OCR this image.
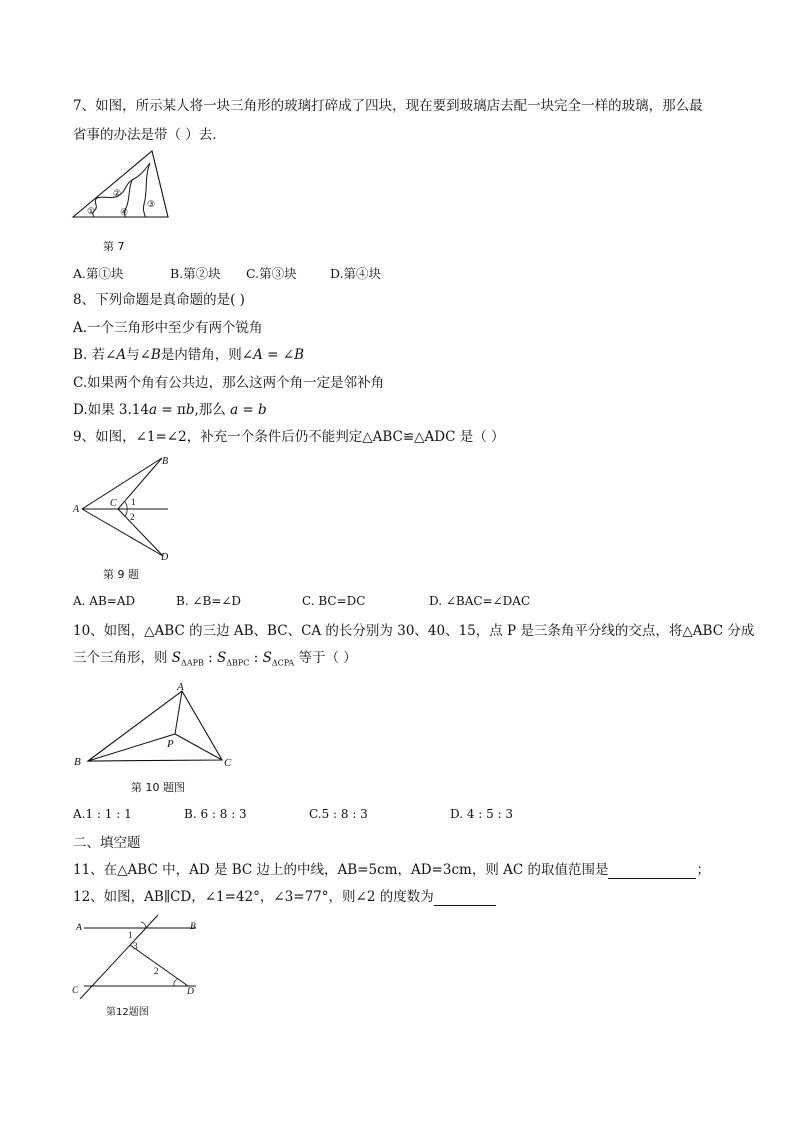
7、如图，所示某人将一块三角形的玻璃打碎成了四块，现在要到玻璃店去配一块完全一样的玻璃，那么最
省事的办法是带（ ）去.
①
②
③
④
第 7
A.第①块	B.第②块 C.第③块	D.第④块
8、下列命题是真命题的是( )
A.一个三角形中至少有两个锐角
B. 若∠A与∠B是内错角，则∠A = ∠B
C.如果两个角有公共边，那么这两个角一定是邻补角
D.如果 3.14a = πb,那么 a = b
9、如图，∠1=∠2，补充一个条件后仍不能判定△ABC≌△ADC 是（ ）
A
B
C
D
1
2
第 9 题
A. AB=AD	B. ∠B=∠D	C. BC=DC	D. ∠BAC=∠DAC
10、如图，△ABC 的三边 AB、BC、CA 的长分别为 30、40、15，点 P 是三条角平分线的交点，将△ABC 分成
三个三角形，则 $S_{\Delta APB}$ : $S_{\Delta BPC}$ : $S_{\Delta CPA}$ 等于（ ）
A
B	C
P
第 10 题图
A.1 : 1 : 1	B. 6 : 8 : 3	C.5 : 8 : 3	D. 4 : 5 : 3
二、填空题
11、在△ABC 中，AD 是 BC 边上的中线，AB=5cm，AD=3cm，则 AC 的取值范围是	；
12、如图，AB∥CD，∠1=42°，∠3=77°，则∠2 的度数为
A	B
C	D
1
2
3
第12题图
